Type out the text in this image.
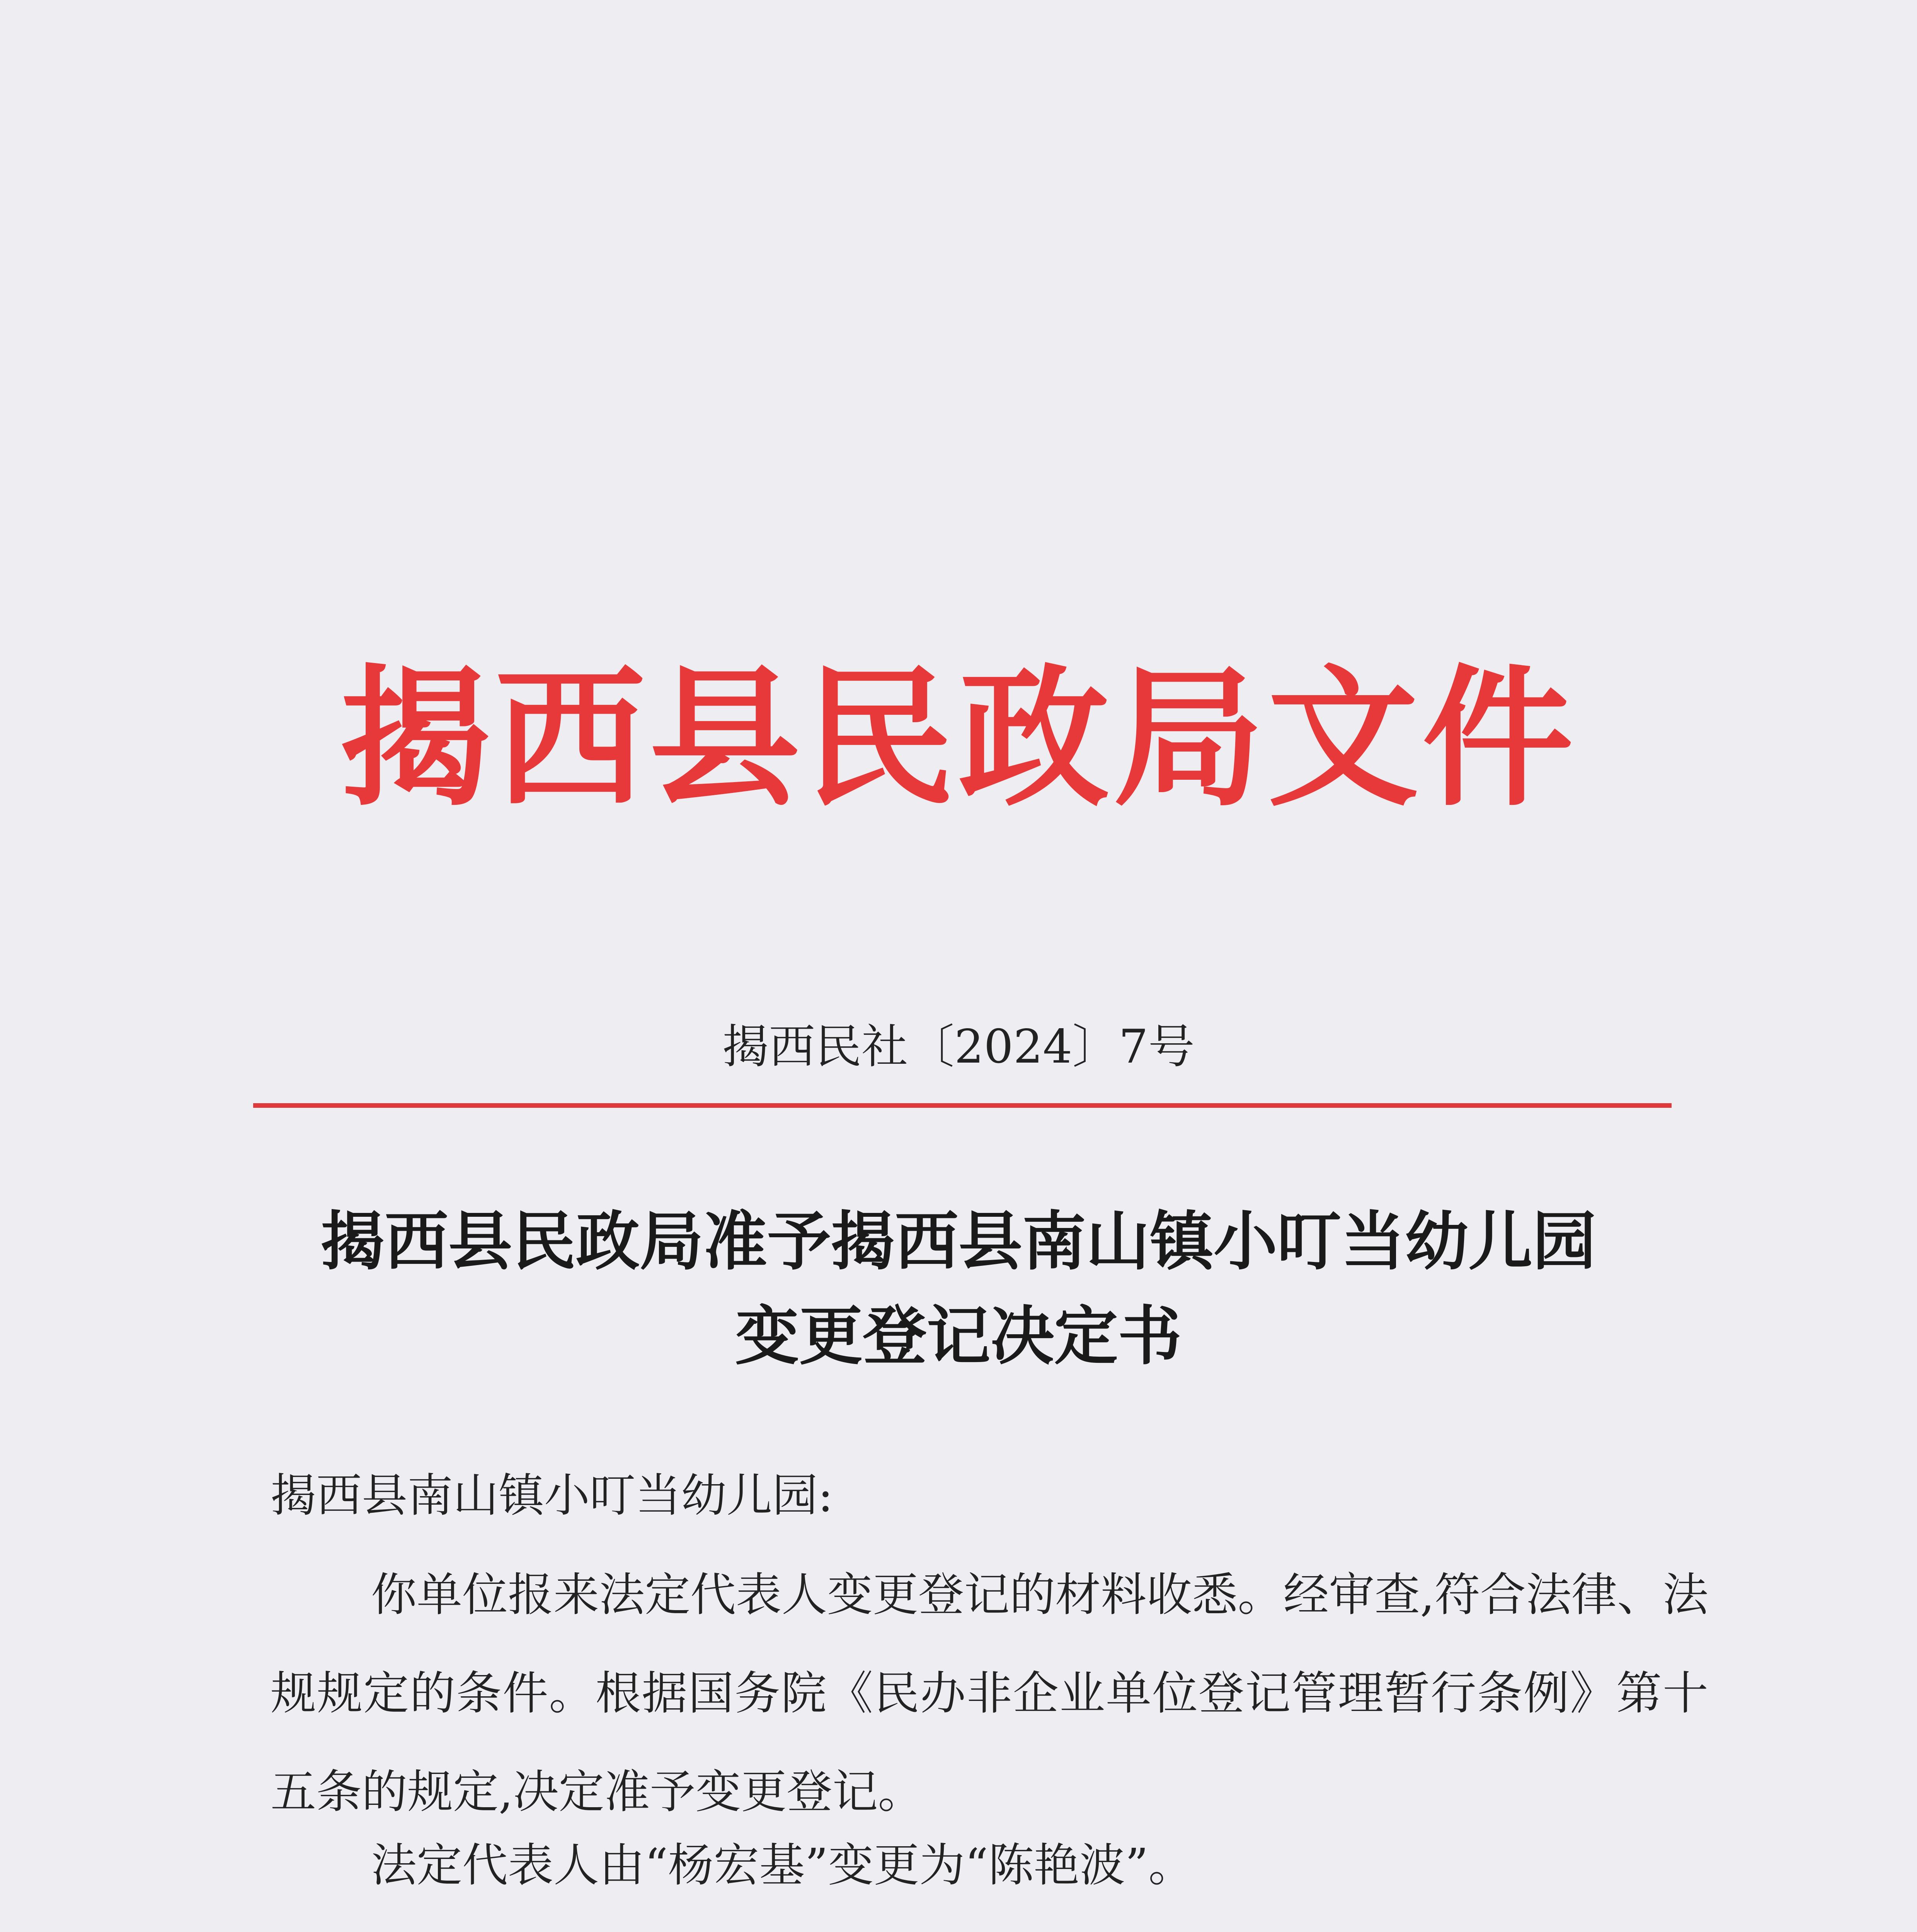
揭西县民政局文件
揭西民社〔2024〕7号
揭西县民政局准予揭西县南山镇小叮当幼儿园
变更登记决定书
揭西县南山镇小叮当幼儿园:
你单位报来法定代表人变更登记的材料收悉。经审查,符合法律、法规规定的条件。根据国务院《民办非企业单位登记管理暂行条例》第十五条的规定,决定准予变更登记。
法定代表人由“杨宏基”变更为“陈艳波”。
